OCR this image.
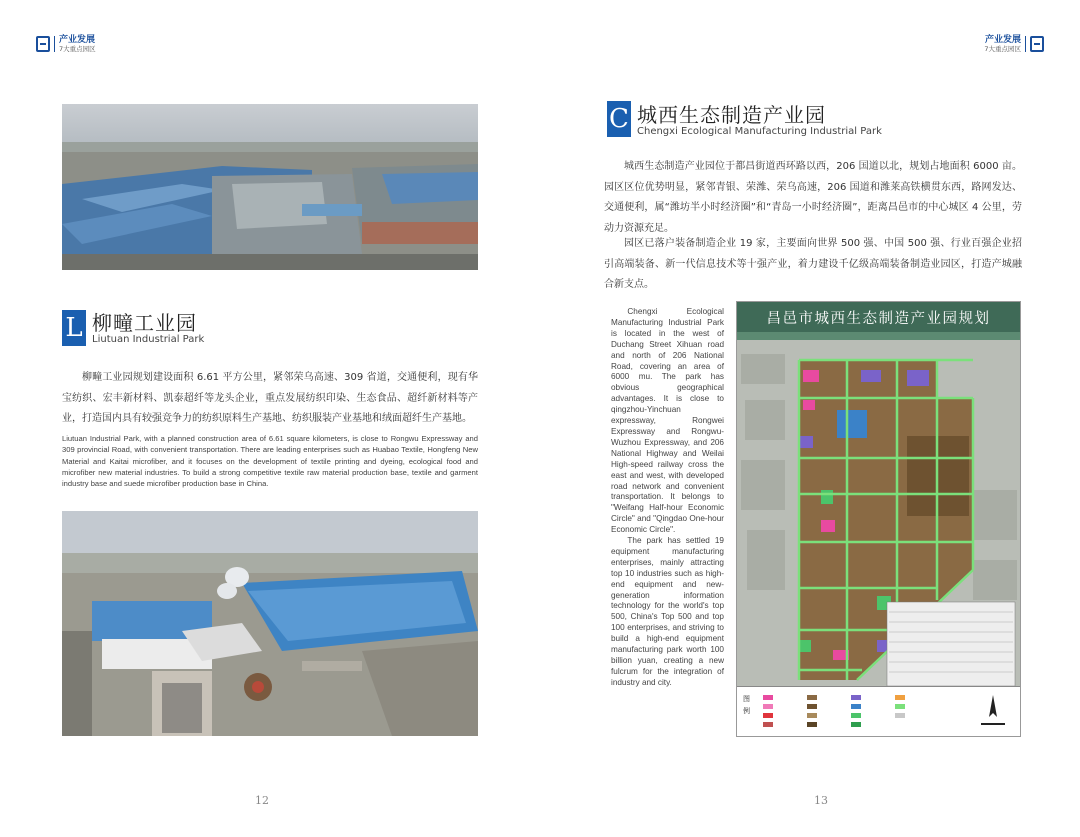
产业发展
7大重点园区
产业发展
7大重点园区
L 柳疃工业园
Liutuan Industrial Park
柳疃工业园规划建设面积 6.61 平方公里，紧邻荣乌高速、309 省道，交通便利，现有华宝纺织、宏丰新材料、凯泰超纤等龙头企业，重点发展纺织印染、生态食品、超纤新材料等产业，打造国内具有较强竞争力的纺织原料生产基地、纺织服装产业基地和绒面超纤生产基地。
Liutuan Industrial Park, with a planned construction area of 6.61 square kilometers, is close to Rongwu Expressway and 309 provincial Road, with convenient transportation. There are leading enterprises such as Huabao Textile, Hongfeng New Material and Kaitai microfiber, and it focuses on the development of textile printing and dyeing, ecological food and microfiber new material industries. To build a strong competitive textile raw material production base, textile and garment industry base and suede microfiber production base in China.
12
C 城西生态制造产业园
Chengxi Ecological Manufacturing Industrial Park
城西生态制造产业园位于都昌街道西环路以西，206 国道以北，规划占地面积 6000 亩。园区区位优势明显，紧邻青银、荣潍、荣乌高速，206 国道和潍莱高铁横贯东西，路网发达、交通便利，属“潍坊半小时经济圈”和“青岛一小时经济圈”，距离昌邑市的中心城区 4 公里，劳动力资源充足。
园区已落户装备制造企业 19 家，主要面向世界 500 强、中国 500 强、行业百强企业招引高端装备、新一代信息技术等十强产业，着力建设千亿级高端装备制造业园区，打造产城融合新支点。

Chengxi Ecological Manufacturing Industrial Park is located in the west of Duchang Street Xihuan road and north of 206 National Road, covering an area of 6000 mu. The park has obvious geographical advantages. It is close to qingzhou-Yinchuan expressway, Rongwei Expressway and Rongwu-Wuzhou Expressway, and 206 National Highway and Weilai High-speed railway cross the east and west, with developed road network and convenient transportation. It belongs to "Weifang Half-hour Economic Circle" and "Qingdao One-hour Economic Circle".

The park has settled 19 equipment manufacturing enterprises, mainly attracting top 10 industries such as high-end equipment and new-generation information technology for the world's top 500, China's Top 500 and top 100 enterprises, and striving to build a high-end equipment manufacturing park worth 100 billion yuan, creating a new fulcrum for the integration of industry and city.

昌邑市城西生态制造产业园规划
图例
13
